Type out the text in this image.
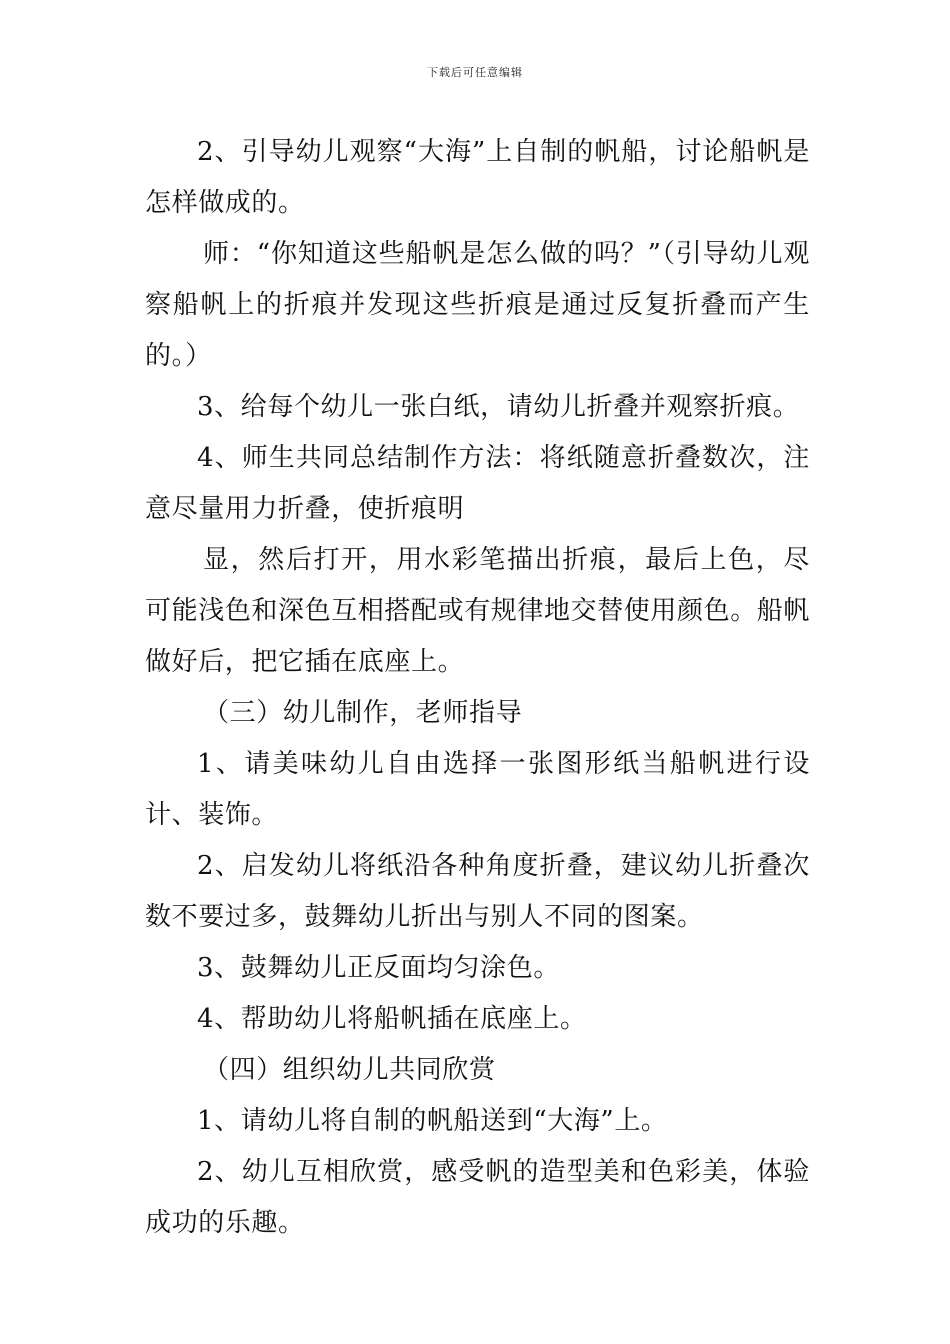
下载后可任意编辑

2、引导幼儿观察“大海”上自制的帆船，讨论船帆是怎样做成的。

师：“你知道这些船帆是怎么做的吗？”（引导幼儿观察船帆上的折痕并发现这些折痕是通过反复折叠而产生的。）

3、给每个幼儿一张白纸，请幼儿折叠并观察折痕。

4、师生共同总结制作方法：将纸随意折叠数次，注意尽量用力折叠，使折痕明

显，然后打开，用水彩笔描出折痕，最后上色，尽可能浅色和深色互相搭配或有规律地交替使用颜色。船帆做好后，把它插在底座上。

（三）幼儿制作，老师指导

1、请美味幼儿自由选择一张图形纸当船帆进行设计、装饰。

2、启发幼儿将纸沿各种角度折叠，建议幼儿折叠次数不要过多，鼓舞幼儿折出与别人不同的图案。

3、鼓舞幼儿正反面均匀涂色。

4、帮助幼儿将船帆插在底座上。

（四）组织幼儿共同欣赏

1、请幼儿将自制的帆船送到“大海”上。

2、幼儿互相欣赏，感受帆的造型美和色彩美，体验成功的乐趣。
